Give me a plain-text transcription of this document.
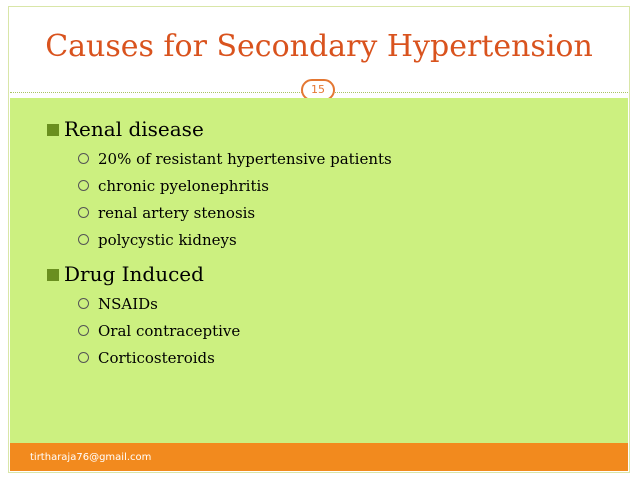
Causes for Secondary Hypertension
15
Renal disease
20% of resistant hypertensive patients
chronic pyelonephritis
renal artery stenosis
polycystic kidneys
Drug Induced
NSAIDs
Oral contraceptive
Corticosteroids
tirtharaja76@gmail.com
